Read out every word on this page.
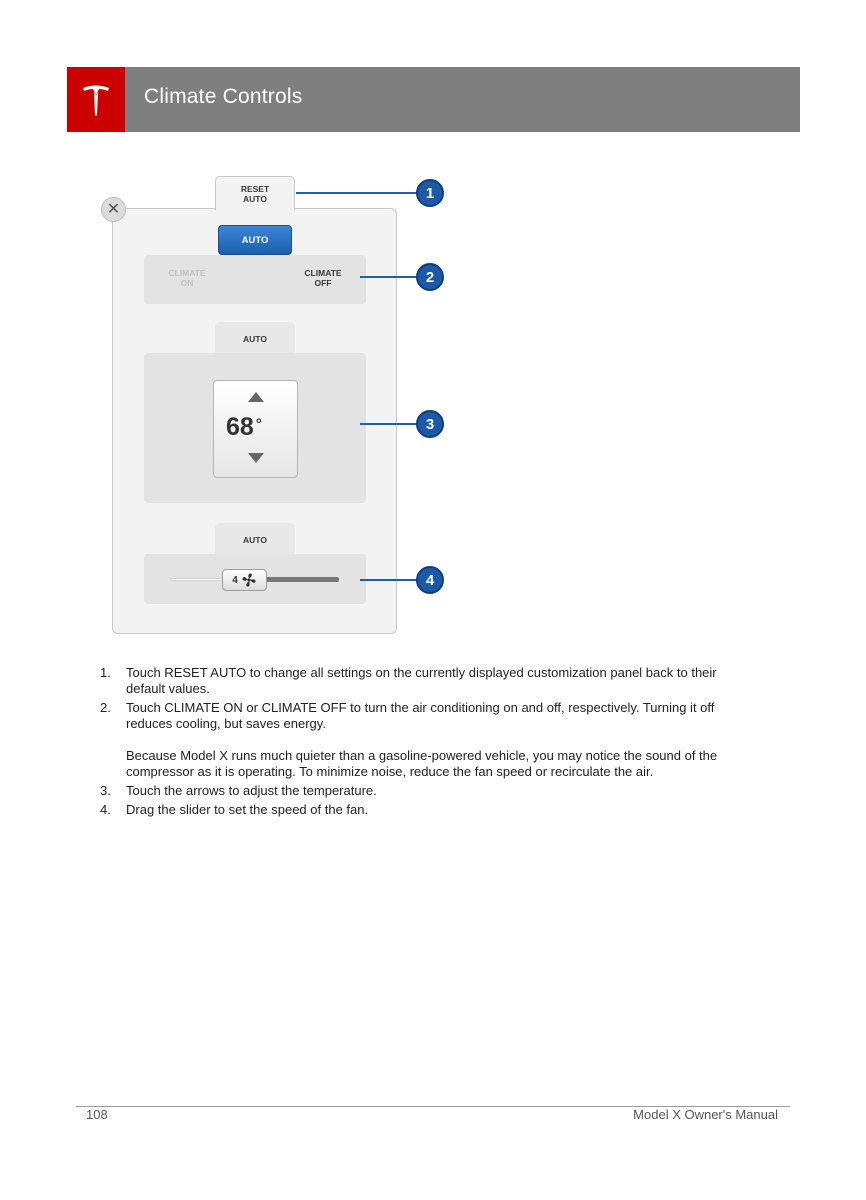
Climate Controls
RESET
AUTO
✕
AUTO
CLIMATE
ON
CLIMATE
OFF
AUTO
68 °
AUTO
4
1
2
3
4
1. Touch RESET AUTO to change all settings on the currently displayed customization panel back to their default values.
2. Touch CLIMATE ON or CLIMATE OFF to turn the air conditioning on and off, respectively. Turning it off reduces cooling, but saves energy.
Because Model X runs much quieter than a gasoline-powered vehicle, you may notice the sound of the compressor as it is operating. To minimize noise, reduce the fan speed or recirculate the air.
3. Touch the arrows to adjust the temperature.
4. Drag the slider to set the speed of the fan.
108	Model X Owner's Manual
